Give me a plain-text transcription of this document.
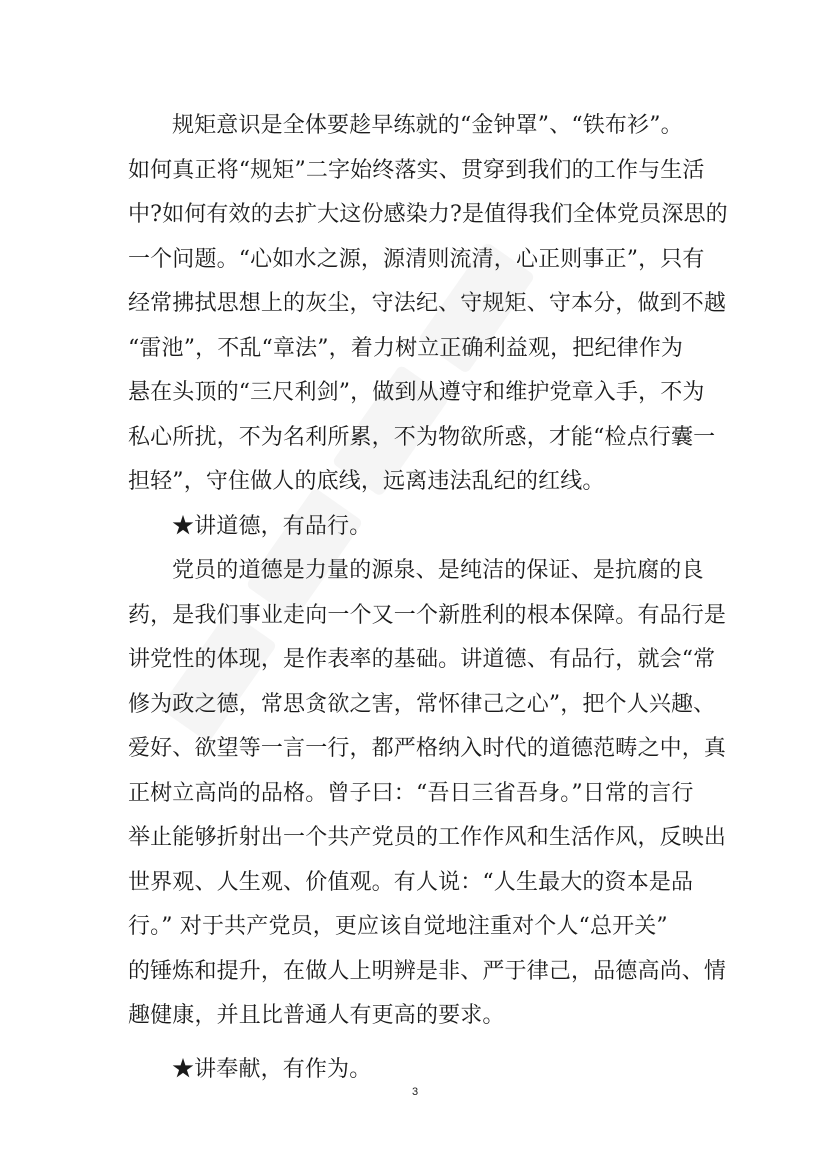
规矩意识是全体要趁早练就的“金钟罩”、“铁布衫”。
如何真正将“规矩”二字始终落实、贯穿到我们的工作与生活
中?如何有效的去扩大这份感染力?是值得我们全体党员深思的
一个问题。“心如水之源，源清则流清，心正则事正”，只有
经常拂拭思想上的灰尘，守法纪、守规矩、守本分，做到不越
“雷池”，不乱“章法”，着力树立正确利益观，把纪律作为
悬在头顶的“三尺利剑”，做到从遵守和维护党章入手，不为
私心所扰，不为名利所累，不为物欲所惑，才能“检点行囊一
担轻”，守住做人的底线，远离违法乱纪的红线。
★讲道德，有品行。
党员的道德是力量的源泉、是纯洁的保证、是抗腐的良
药，是我们事业走向一个又一个新胜利的根本保障。有品行是
讲党性的体现，是作表率的基础。讲道德、有品行，就会“常
修为政之德，常思贪欲之害，常怀律己之心”，把个人兴趣、
爱好、欲望等一言一行，都严格纳入时代的道德范畴之中，真
正树立高尚的品格。曾子曰：“吾日三省吾身。”日常的言行
举止能够折射出一个共产党员的工作作风和生活作风，反映出
世界观、人生观、价值观。有人说：“人生最大的资本是品
行。” 对于共产党员，更应该自觉地注重对个人“总开关”
的锤炼和提升，在做人上明辨是非、严于律己，品德高尚、情
趣健康，并且比普通人有更高的要求。
★讲奉献，有作为。
3
